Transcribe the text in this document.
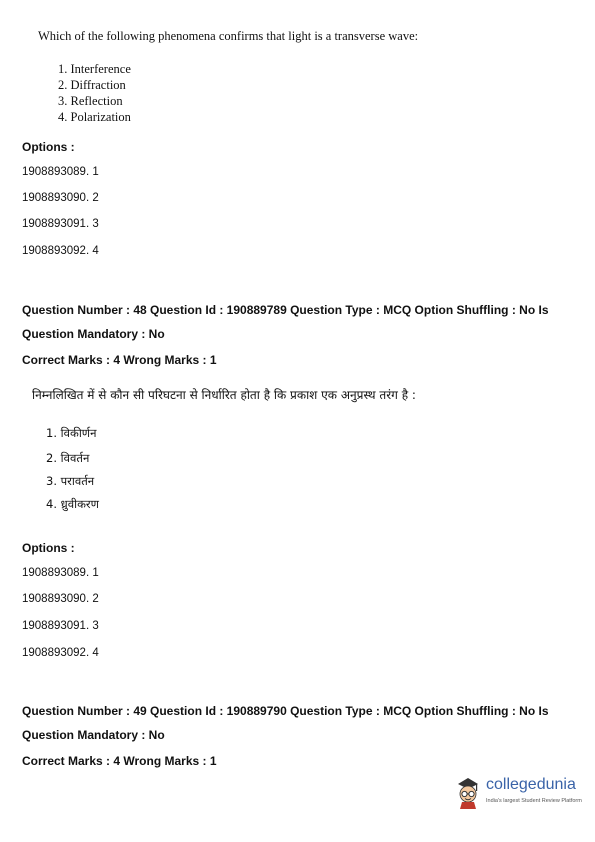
Which of the following phenomena confirms that light is a transverse wave:
1. Interference
2. Diffraction
3. Reflection
4. Polarization
Options :
1908893089. 1
1908893090. 2
1908893091. 3
1908893092. 4
Question Number : 48 Question Id : 190889789 Question Type : MCQ Option Shuffling : No Is
Question Mandatory : No
Correct Marks : 4 Wrong Marks : 1
निम्नलिखित में से कौन सी परिघटना से निर्धारित होता है कि प्रकाश एक अनुप्रस्थ तरंग है :
1. विकीर्णन
2. विवर्तन
3. परावर्तन
4. ध्रुवीकरण
Options :
1908893089. 1
1908893090. 2
1908893091. 3
1908893092. 4
Question Number : 49 Question Id : 190889790 Question Type : MCQ Option Shuffling : No Is
Question Mandatory : No
Correct Marks : 4 Wrong Marks : 1
collegedunia
India's largest Student Review Platform
